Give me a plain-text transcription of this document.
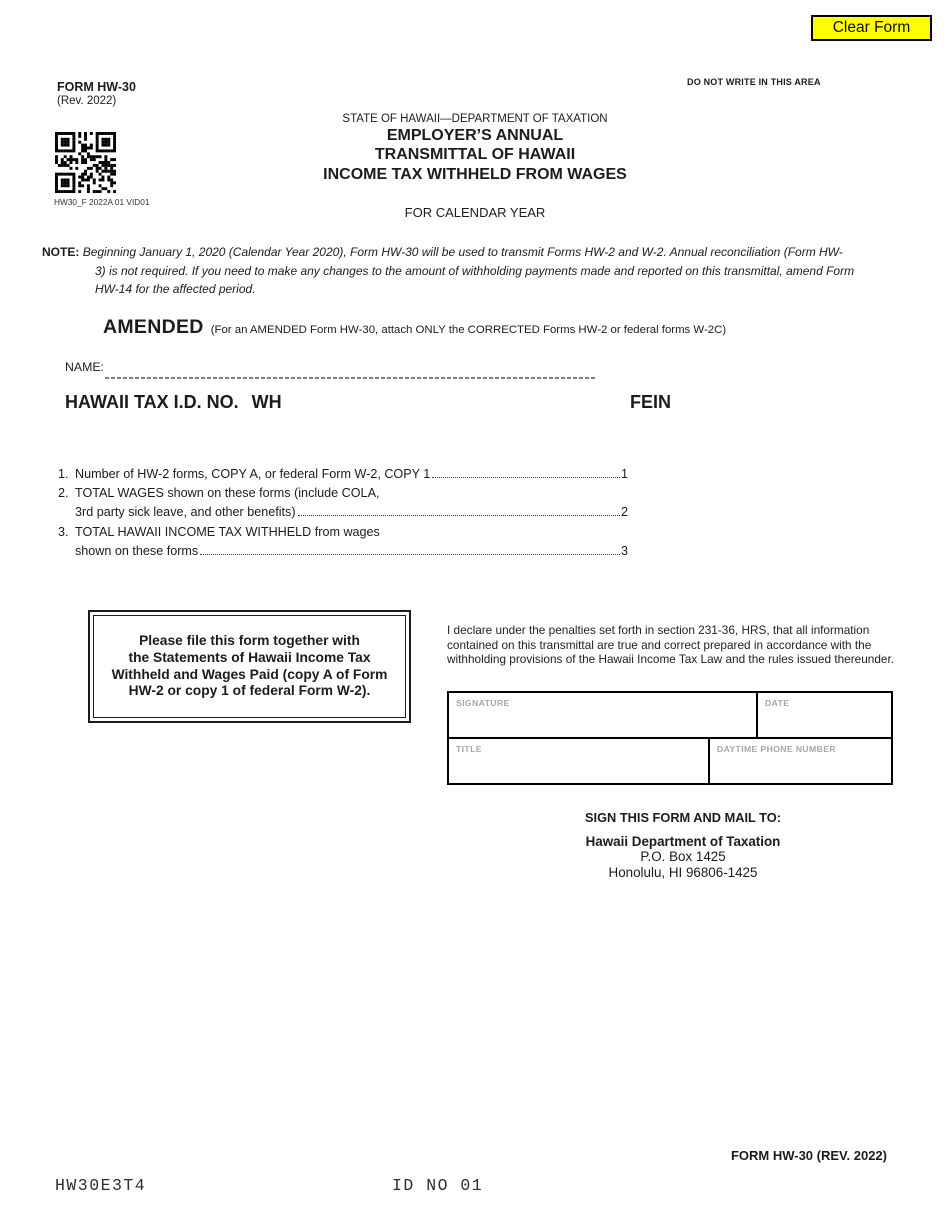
Clear Form
FORM HW-30
(Rev. 2022)
DO NOT WRITE IN THIS AREA
HW30_F 2022A 01 VID01
STATE OF HAWAII—DEPARTMENT OF TAXATION
EMPLOYER’S ANNUAL
TRANSMITTAL OF HAWAII
INCOME TAX WITHHELD FROM WAGES
FOR CALENDAR YEAR
NOTE: Beginning January 1, 2020 (Calendar Year 2020), Form HW-30 will be used to transmit Forms HW-2 and W-2. Annual reconciliation (Form HW-
3) is not required. If you need to make any changes to the amount of withholding payments made and reported on this transmittal, amend Form
HW-14 for the affected period.
AMENDED (For an AMENDED Form HW-30, attach ONLY the CORRECTED Forms HW-2 or federal forms W-2C)
NAME:
HAWAII TAX I.D. NO. WH	FEIN
1. Number of HW-2 forms, COPY A, or federal Form W-2, COPY 1	1
2. TOTAL WAGES shown on these forms (include COLA,
3rd party sick leave, and other benefits)	2
3. TOTAL HAWAII INCOME TAX WITHHELD from wages
shown on these forms	3
Please file this form together with
the Statements of Hawaii Income Tax
Withheld and Wages Paid (copy A of Form
HW-2 or copy 1 of federal Form W-2).
I declare under the penalties set forth in section 231-36, HRS, that all information contained on this transmittal are true and correct prepared in accordance with the withholding provisions of the Hawaii Income Tax Law and the rules issued thereunder.
SIGNATURE	DATE
TITLE	DAYTIME PHONE NUMBER
SIGN THIS FORM AND MAIL TO:
Hawaii Department of Taxation
P.O. Box 1425
Honolulu, HI 96806-1425
FORM HW-30 (REV. 2022)
HW30E3T4	ID NO 01
